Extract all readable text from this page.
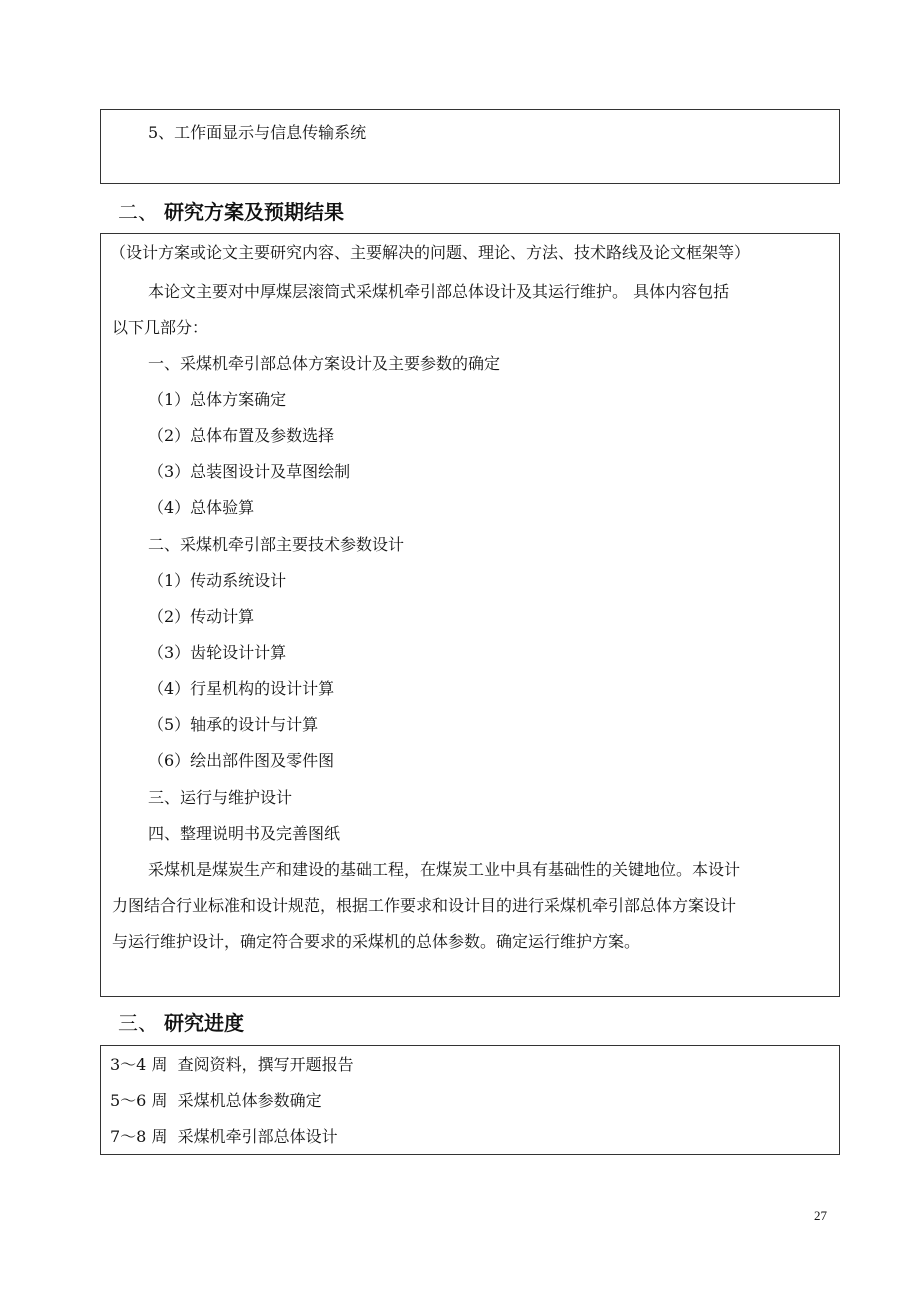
5、工作面显示与信息传输系统
二、 研究方案及预期结果
（设计方案或论文主要研究内容、主要解决的问题、理论、方法、技术路线及论文框架等）
本论文主要对中厚煤层滚筒式采煤机牵引部总体设计及其运行维护。 具体内容包括
以下几部分：
一、采煤机牵引部总体方案设计及主要参数的确定
（1）总体方案确定
（2）总体布置及参数选择
（3）总装图设计及草图绘制
（4）总体验算
二、采煤机牵引部主要技术参数设计
（1）传动系统设计
（2）传动计算
（3）齿轮设计计算
（4）行星机构的设计计算
（5）轴承的设计与计算
（6）绘出部件图及零件图
三、运行与维护设计
四、整理说明书及完善图纸
采煤机是煤炭生产和建设的基础工程，在煤炭工业中具有基础性的关键地位。本设计
力图结合行业标准和设计规范，根据工作要求和设计目的进行采煤机牵引部总体方案设计
与运行维护设计，确定符合要求的采煤机的总体参数。确定运行维护方案。
三、 研究进度
3～4 周  查阅资料，撰写开题报告
5～6 周  采煤机总体参数确定
7～8 周  采煤机牵引部总体设计
27
